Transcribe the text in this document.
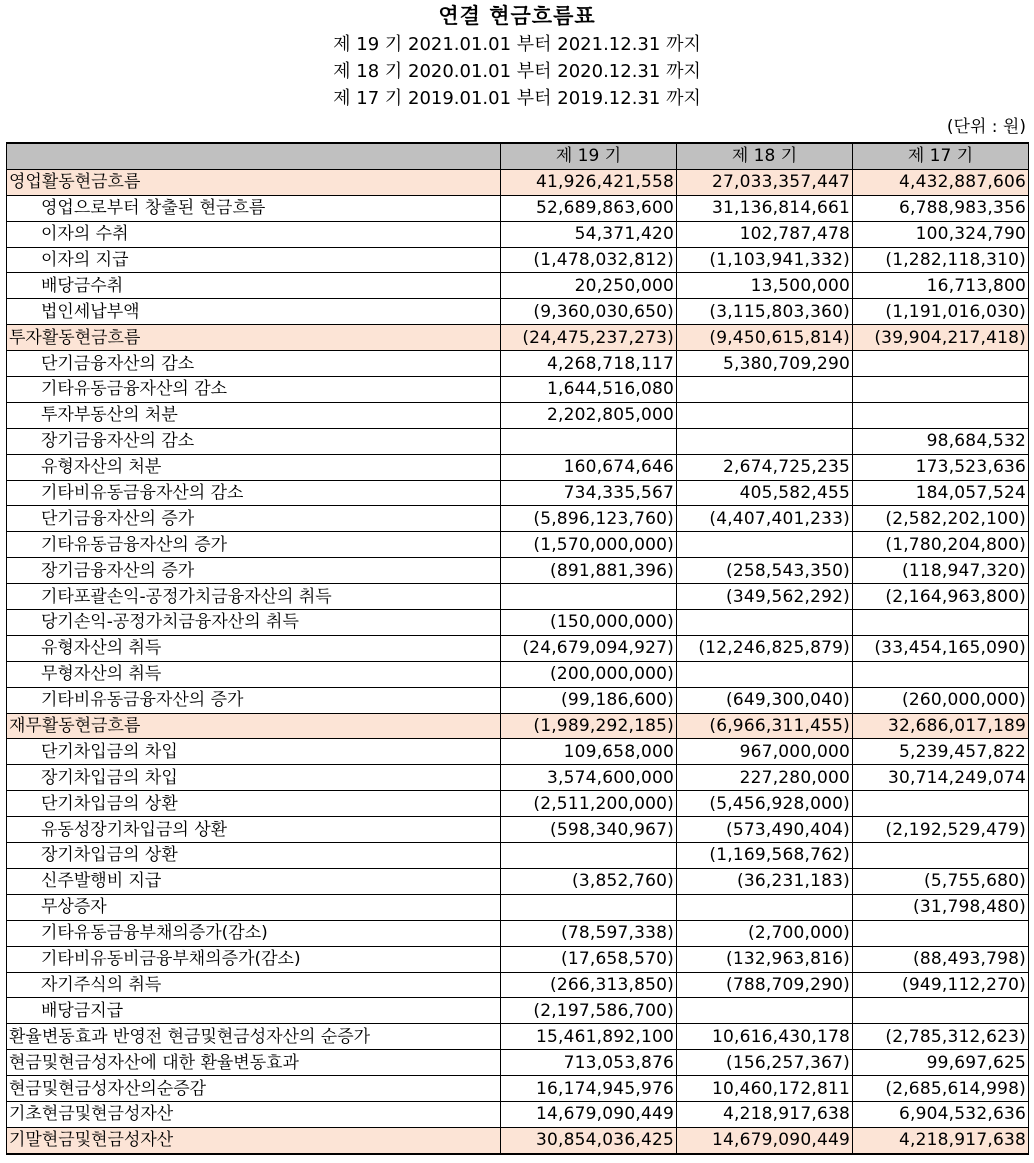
연결 현금흐름표
제 19 기 2021.01.01 부터 2021.12.31 까지
제 18 기 2020.01.01 부터 2020.12.31 까지
제 17 기 2019.01.01 부터 2019.12.31 까지
(단위 : 원)
	제 19 기	제 18 기	제 17 기
영업활동현금흐름	41,926,421,558	27,033,357,447	4,432,887,606
영업으로부터 창출된 현금흐름	52,689,863,600	31,136,814,661	6,788,983,356
이자의 수취	54,371,420	102,787,478	100,324,790
이자의 지급	(1,478,032,812)	(1,103,941,332)	(1,282,118,310)
배당금수취	20,250,000	13,500,000	16,713,800
법인세납부액	(9,360,030,650)	(3,115,803,360)	(1,191,016,030)
투자활동현금흐름	(24,475,237,273)	(9,450,615,814)	(39,904,217,418)
단기금융자산의 감소	4,268,718,117	5,380,709,290	
기타유동금융자산의 감소	1,644,516,080		
투자부동산의 처분	2,202,805,000		
장기금융자산의 감소			98,684,532
유형자산의 처분	160,674,646	2,674,725,235	173,523,636
기타비유동금융자산의 감소	734,335,567	405,582,455	184,057,524
단기금융자산의 증가	(5,896,123,760)	(4,407,401,233)	(2,582,202,100)
기타유동금융자산의 증가	(1,570,000,000)		(1,780,204,800)
장기금융자산의 증가	(891,881,396)	(258,543,350)	(118,947,320)
기타포괄손익-공정가치금융자산의 취득		(349,562,292)	(2,164,963,800)
당기손익-공정가치금융자산의 취득	(150,000,000)		
유형자산의 취득	(24,679,094,927)	(12,246,825,879)	(33,454,165,090)
무형자산의 취득	(200,000,000)		
기타비유동금융자산의 증가	(99,186,600)	(649,300,040)	(260,000,000)
재무활동현금흐름	(1,989,292,185)	(6,966,311,455)	32,686,017,189
단기차입금의 차입	109,658,000	967,000,000	5,239,457,822
장기차입금의 차입	3,574,600,000	227,280,000	30,714,249,074
단기차입금의 상환	(2,511,200,000)	(5,456,928,000)	
유동성장기차입금의 상환	(598,340,967)	(573,490,404)	(2,192,529,479)
장기차입금의 상환		(1,169,568,762)	
신주발행비 지급	(3,852,760)	(36,231,183)	(5,755,680)
무상증자			(31,798,480)
기타유동금융부채의증가(감소)	(78,597,338)	(2,700,000)	
기타비유동비금융부채의증가(감소)	(17,658,570)	(132,963,816)	(88,493,798)
자기주식의 취득	(266,313,850)	(788,709,290)	(949,112,270)
배당금지급	(2,197,586,700)		
환율변동효과 반영전 현금및현금성자산의 순증가	15,461,892,100	10,616,430,178	(2,785,312,623)
현금및현금성자산에 대한 환율변동효과	713,053,876	(156,257,367)	99,697,625
현금및현금성자산의순증감	16,174,945,976	10,460,172,811	(2,685,614,998)
기초현금및현금성자산	14,679,090,449	4,218,917,638	6,904,532,636
기말현금및현금성자산	30,854,036,425	14,679,090,449	4,218,917,638
